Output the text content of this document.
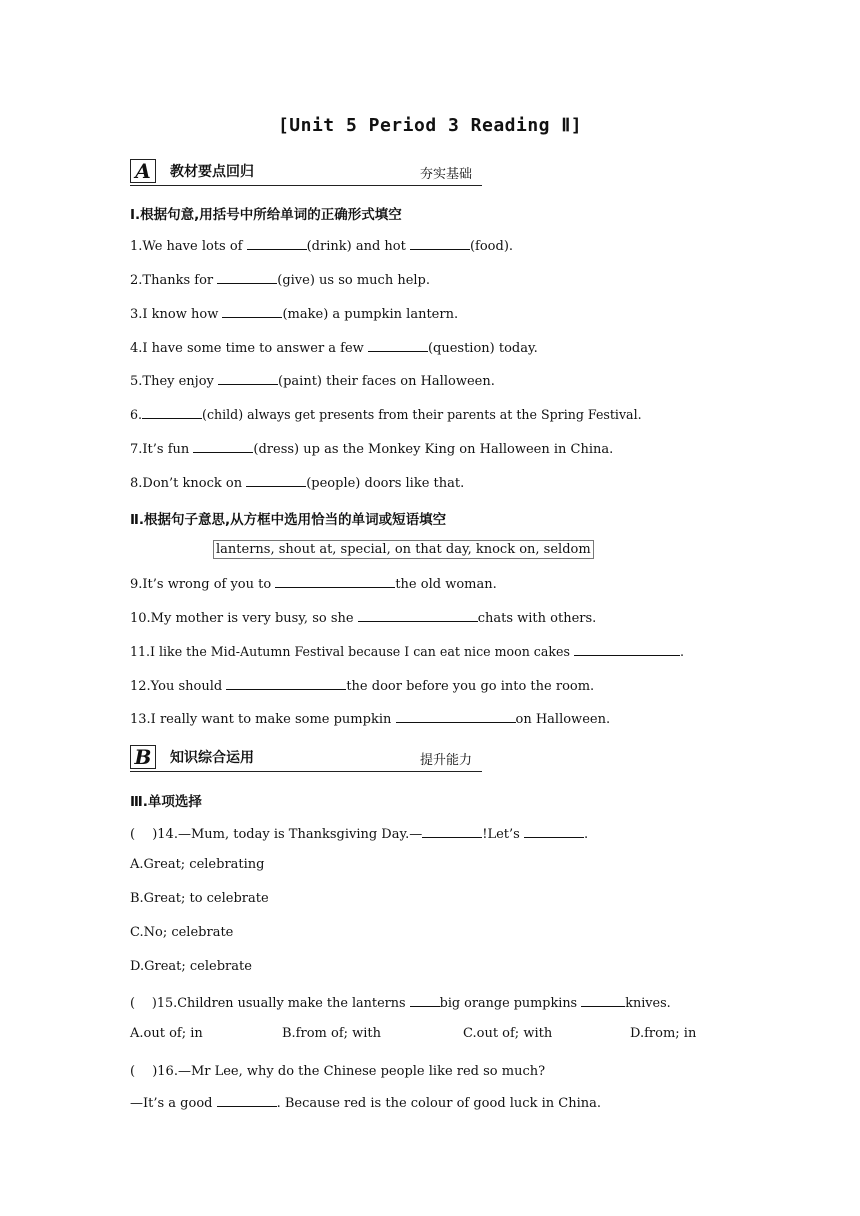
[Unit 5 Period 3 Reading Ⅱ]
A	教材要点回归	夯实基础
Ⅰ.根据句意,用括号中所给单词的正确形式填空
1.We have lots of	(drink) and hot	(food).
2.Thanks for	(give) us so much help.
3.I know how	(make) a pumpkin lantern.
4.I have some time to answer a few	(question) today.
5.They enjoy	(paint) their faces on Halloween.
6.	(child) always get presents from their parents at the Spring Festival.
7.It’s fun	(dress) up as the Monkey King on Halloween in China.
8.Don’t knock on	(people) doors like that.
Ⅱ.根据句子意思,从方框中选用恰当的单词或短语填空
lanterns, shout at, special, on that day, knock on, seldom
9.It’s wrong of you to	the old woman.
10.My mother is very busy, so she	chats with others.
11.I like the Mid-Autumn Festival because I can eat nice moon cakes	.
12.You should	the door before you go into the room.
13.I really want to make some pumpkin	on Halloween.
B	知识综合运用	提升能力
Ⅲ.单项选择
(　 )14.—Mum, today is Thanksgiving Day.—	!Let’s	.
A.Great; celebrating
B.Great; to celebrate
C.No; celebrate
D.Great; celebrate
(　 )15.Children usually make the lanterns big orange pumpkins	knives.
A.out of; in	B.from of; with	C.out of; with	D.from; in
(　 )16.—Mr Lee, why do the Chinese people like red so much?
—It’s a good	. Because red is the colour of good luck in China.
